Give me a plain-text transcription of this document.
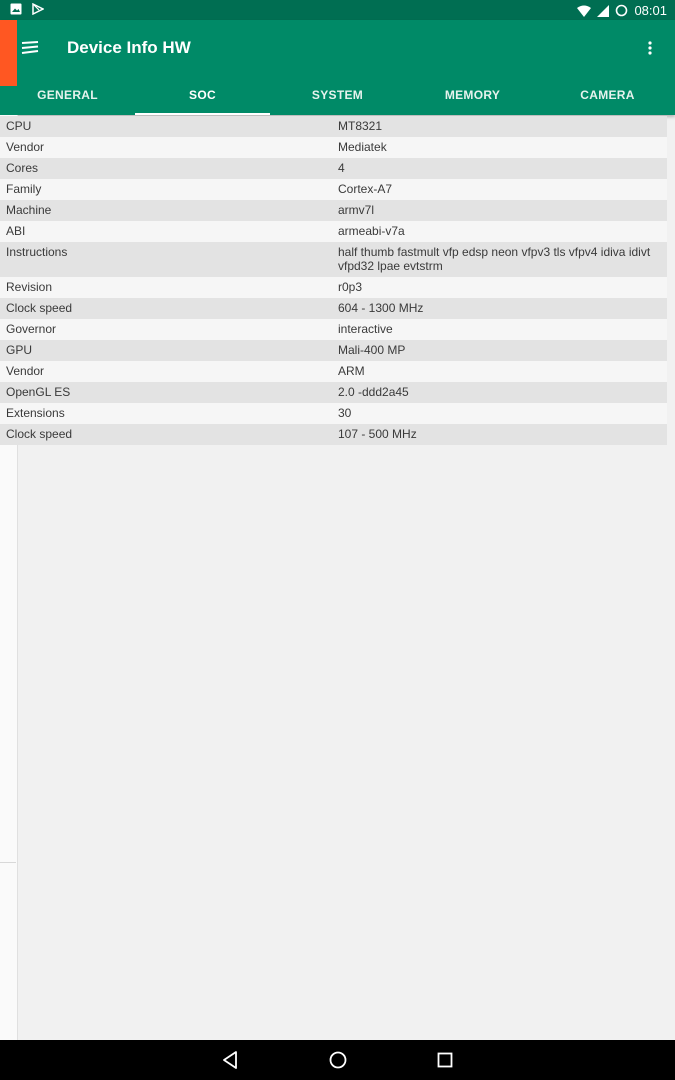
08:01
Device Info HW
GENERAL	SOC	SYSTEM	MEMORY	CAMERA
CPU	MT8321
Vendor	Mediatek
Cores	4
Family	Cortex-A7
Machine	armv7l
ABI	armeabi-v7a
Instructions	half thumb fastmult vfp edsp neon vfpv3 tls vfpv4 idiva idivt vfpd32 lpae evtstrm
Revision	r0p3
Clock speed	604 - 1300 MHz
Governor	interactive
GPU	Mali-400 MP
Vendor	ARM
OpenGL ES	2.0 -ddd2a45
Extensions	30
Clock speed	107 - 500 MHz
